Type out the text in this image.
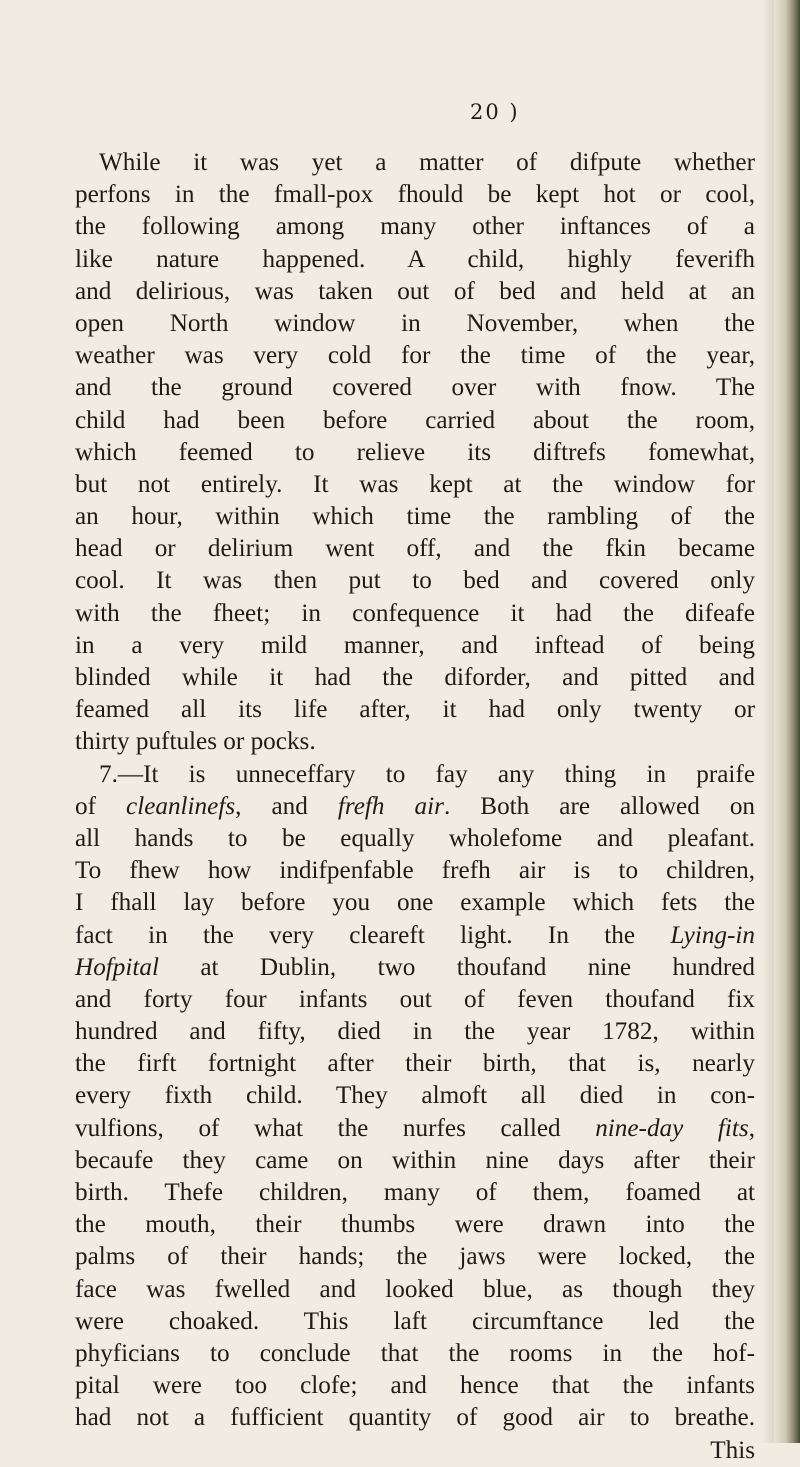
20 )
While it was yet a matter of difpute whether
perfons in the fmall-pox fhould be kept hot or cool,
the following among many other inftances of a
like nature happened. A child, highly feverifh
and delirious, was taken out of bed and held at an
open North window in November, when the
weather was very cold for the time of the year,
and the ground covered over with fnow. The
child had been before carried about the room,
which feemed to relieve its diftrefs fomewhat,
but not entirely. It was kept at the window for
an hour, within which time the rambling of the
head or delirium went off, and the fkin became
cool. It was then put to bed and covered only
with the fheet; in confequence it had the difeafe
in a very mild manner, and inftead of being
blinded while it had the diforder, and pitted and
feamed all its life after, it had only twenty or
thirty puftules or pocks.
7.—It is unneceffary to fay any thing in praife
of cleanlinefs, and frefh air. Both are allowed on
all hands to be equally wholefome and pleafant.
To fhew how indifpenfable frefh air is to children,
I fhall lay before you one example which fets the
fact in the very cleareft light. In the Lying-in
Hofpital at Dublin, two thoufand nine hundred
and forty four infants out of feven thoufand fix
hundred and fifty, died in the year 1782, within
the firft fortnight after their birth, that is, nearly
every fixth child. They almoft all died in con-
vulfions, of what the nurfes called nine-day fits,
becaufe they came on within nine days after their
birth. Thefe children, many of them, foamed at
the mouth, their thumbs were drawn into the
palms of their hands; the jaws were locked, the
face was fwelled and looked blue, as though they
were choaked. This laft circumftance led the
phyficians to conclude that the rooms in the hof-
pital were too clofe; and hence that the infants
had not a fufficient quantity of good air to breathe.
This
